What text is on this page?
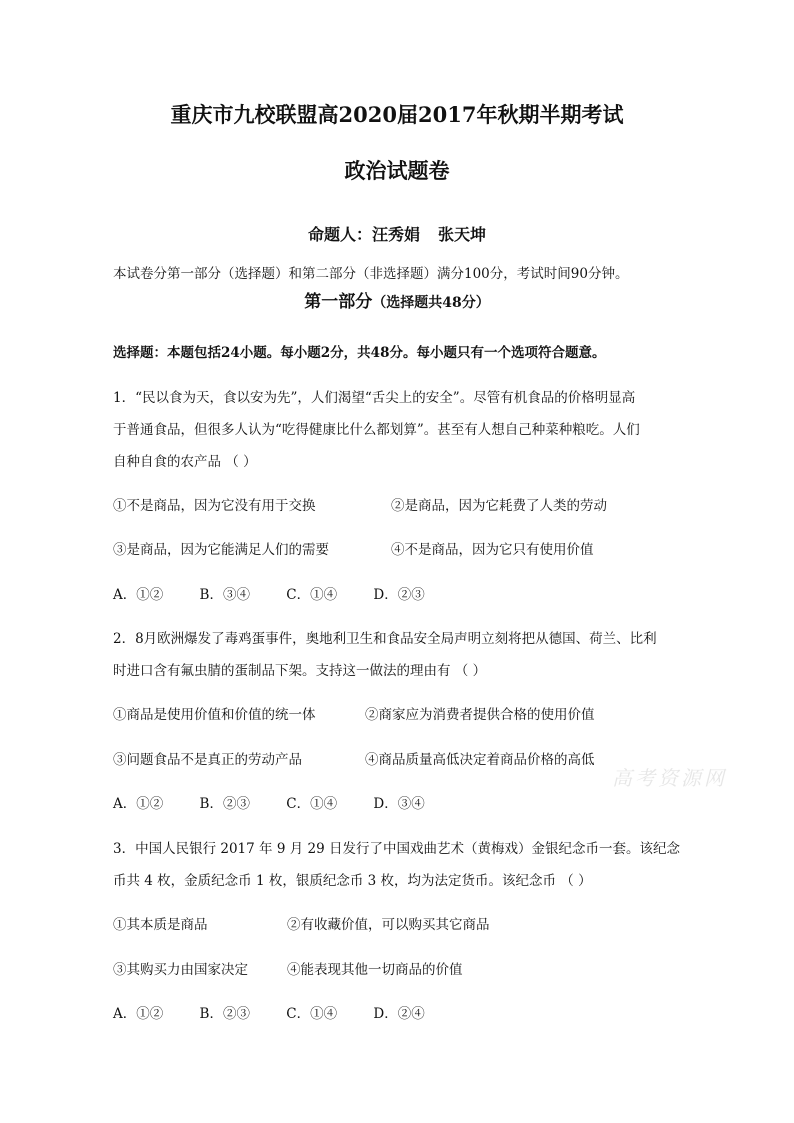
重庆市九校联盟高2020届2017年秋期半期考试
政治试题卷
命题人：汪秀娟 张天坤
本试卷分第一部分（选择题）和第二部分（非选择题）满分100分，考试时间90分钟。
第一部分（选择题共48分）
选择题：本题包括24小题。每小题2分，共48分。每小题只有一个选项符合题意。
1．“民以食为天，食以安为先”，人们渴望“舌尖上的安全”。尽管有机食品的价格明显高
于普通食品，但很多人认为“吃得健康比什么都划算”。甚至有人想自己种菜种粮吃。人们
自种自食的农产品 （ ）
①不是商品，因为它没有用于交换	②是商品，因为它耗费了人类的劳动
③是商品，因为它能满足人们的需要	④不是商品，因为它只有使用价值
A．①②	B．③④	C．①④	D．②③
2．8月欧洲爆发了毒鸡蛋事件，奥地利卫生和食品安全局声明立刻将把从德国、荷兰、比利
时进口含有氟虫腈的蛋制品下架。支持这一做法的理由有 （ ）
①商品是使用价值和价值的统一体	②商家应为消费者提供合格的使用价值
③问题食品不是真正的劳动产品	④商品质量高低决定着商品价格的高低
A．①②	B．②③	C．①④	D．③④
3．中国人民银行 2017 年 9 月 29 日发行了中国戏曲艺术（黄梅戏）金银纪念币一套。该纪念
币共 4 枚，金质纪念币 1 枚，银质纪念币 3 枚，均为法定货币。该纪念币 （ ）
①其本质是商品	②有收藏价值，可以购买其它商品
③其购买力由国家决定	④能表现其他一切商品的价值
A．①②	B．②③	C．①④	D．②④
高考资源网
